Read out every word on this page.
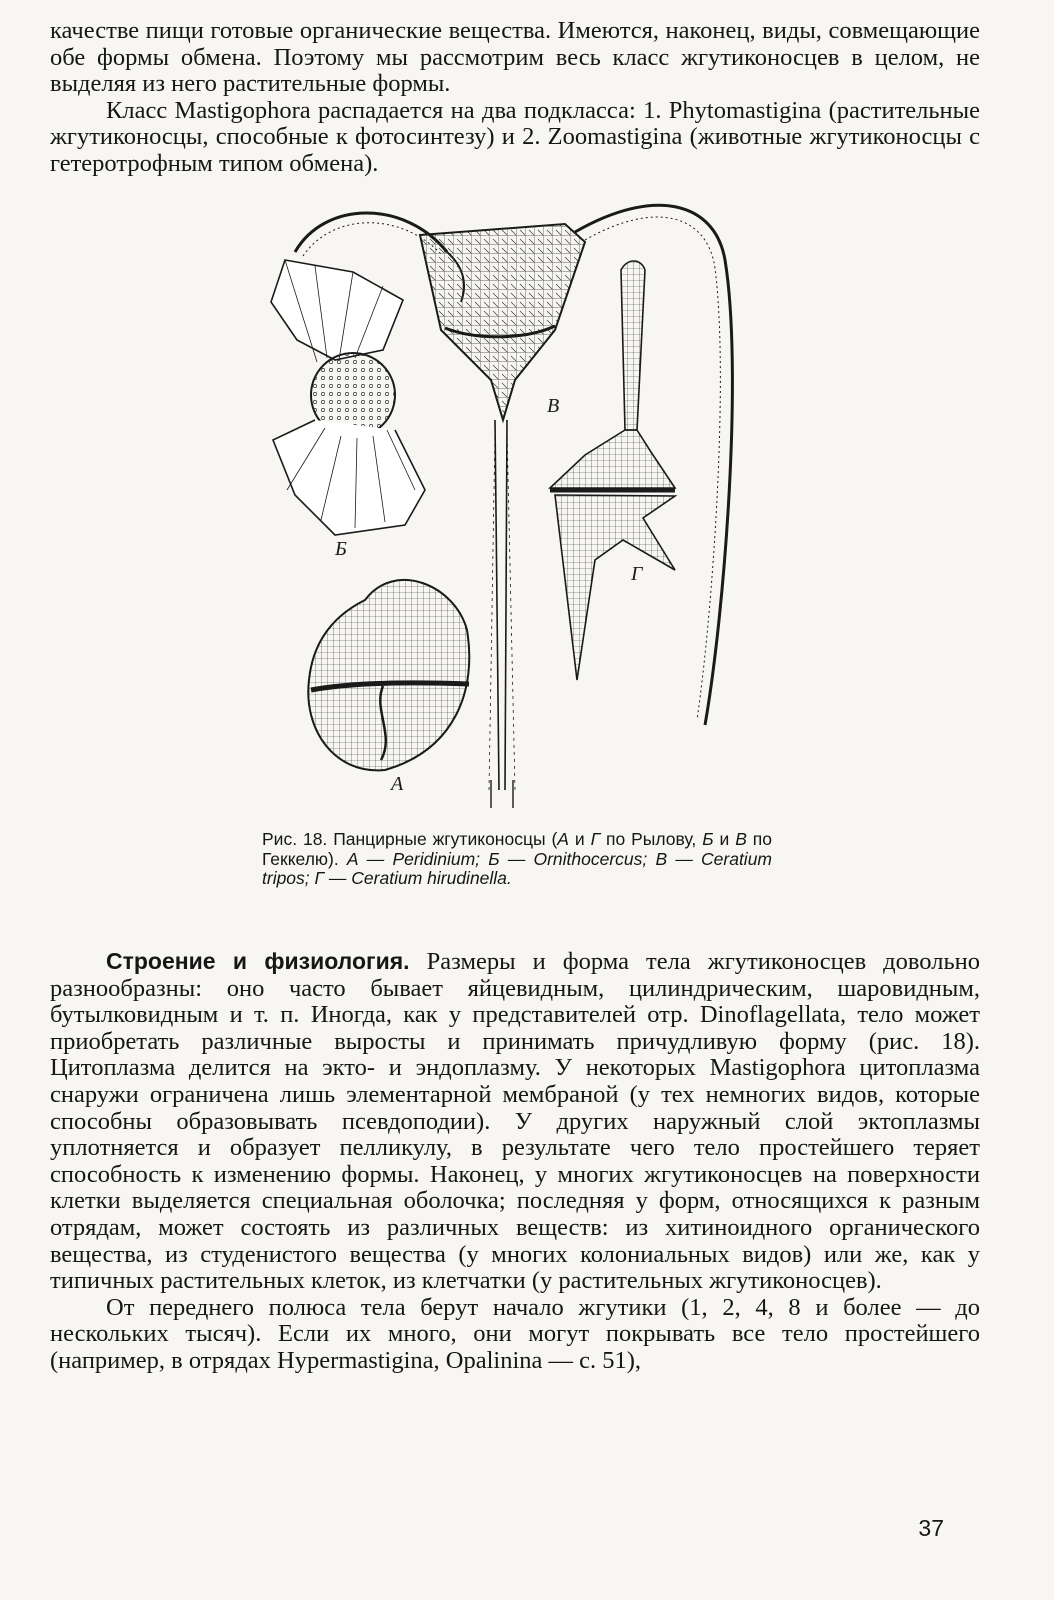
качестве пищи готовые органические вещества. Имеются, наконец, виды, совмещающие обе формы обмена. Поэтому мы рассмотрим весь класс жгутиконосцев в целом, не выделяя из него растительные формы.

Класс Mastigophora распадается на два подкласса: 1. Phytomastigina (растительные жгутиконосцы, способные к фотосинтезу) и 2. Zoomastigina (животные жгутиконосцы с гетеротрофным типом обмена).

Б
В
Г
А
Рис. 18. Панцирные жгутиконосцы (А и Г по Рылову, Б и В по Геккелю). А — Peridinium; Б — Ornithocercus; В — Ceratium tripos; Г — Ceratium hirudinella.

Строение и физиология. Размеры и форма тела жгутиконосцев довольно разнообразны: оно часто бывает яйцевидным, цилиндрическим, шаровидным, бутылковидным и т. п. Иногда, как у представителей отр. Dinoflagellata, тело может приобретать различные выросты и принимать причудливую форму (рис. 18). Цитоплазма делится на экто- и эндоплазму. У некоторых Mastigophora цитоплазма снаружи ограничена лишь элементарной мембраной (у тех немногих видов, которые способны образовывать псевдоподии). У других наружный слой эктоплазмы уплотняется и образует пелликулу, в результате чего тело простейшего теряет способность к изменению формы. Наконец, у многих жгутиконосцев на поверхности клетки выделяется специальная оболочка; последняя у форм, относящихся к разным отрядам, может состоять из различных веществ: из хитиноидного органического вещества, из студенистого вещества (у многих колониальных видов) или же, как у типичных растительных клеток, из клетчатки (у растительных жгутиконосцев).

От переднего полюса тела берут начало жгутики (1, 2, 4, 8 и более — до нескольких тысяч). Если их много, они могут покрывать все тело простейшего (например, в отрядах Hypermastigina, Opalinina — с. 51),

37
